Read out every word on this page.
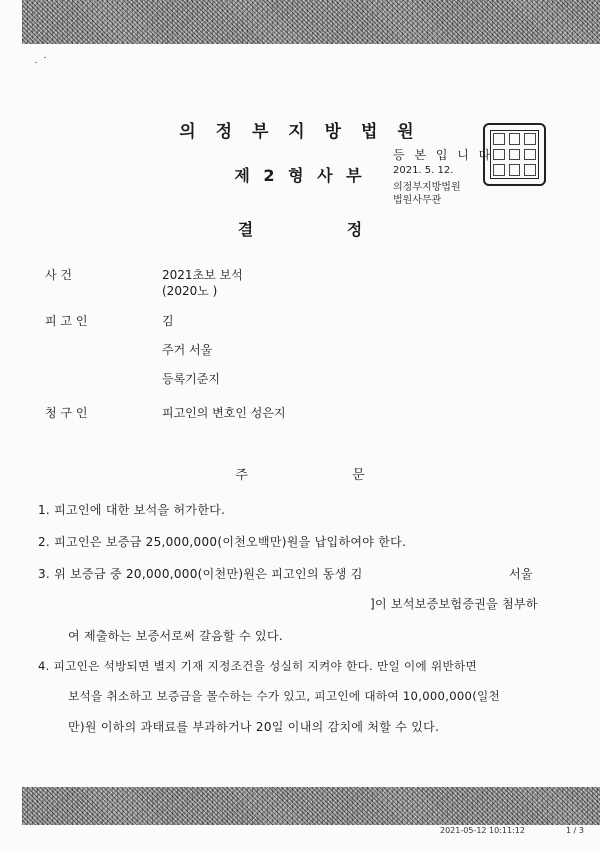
의 정 부 지 방 법 원
제 2 형 사 부
결 정
등 본 입 니 다
2021. 5. 12.
의정부지방법원
법원사무관
사 건	2021초보 보석
(2020노 )
피 고 인	김
주거 서울
등록기준지
청 구 인	피고인의 변호인 성은지
주 문
1. 피고인에 대한 보석을 허가한다.
2. 피고인은 보증금 25,000,000(이천오백만)원을 납입하여야 한다.
3. 위 보증금 중 20,000,000(이천만)원은 피고인의 동생 김	서울
]이 보석보증보험증권을 첨부하
여 제출하는 보증서로써 갈음할 수 있다.
4. 피고인은 석방되면 별지 기재 지정조건을 성실히 지켜야 한다. 만일 이에 위반하면
보석을 취소하고 보증금을 몰수하는 수가 있고, 피고인에 대하여 10,000,000(일천
만)원 이하의 과태료를 부과하거나 20일 이내의 감치에 처할 수 있다.
2021-05-12 10:11:12	1 / 3
